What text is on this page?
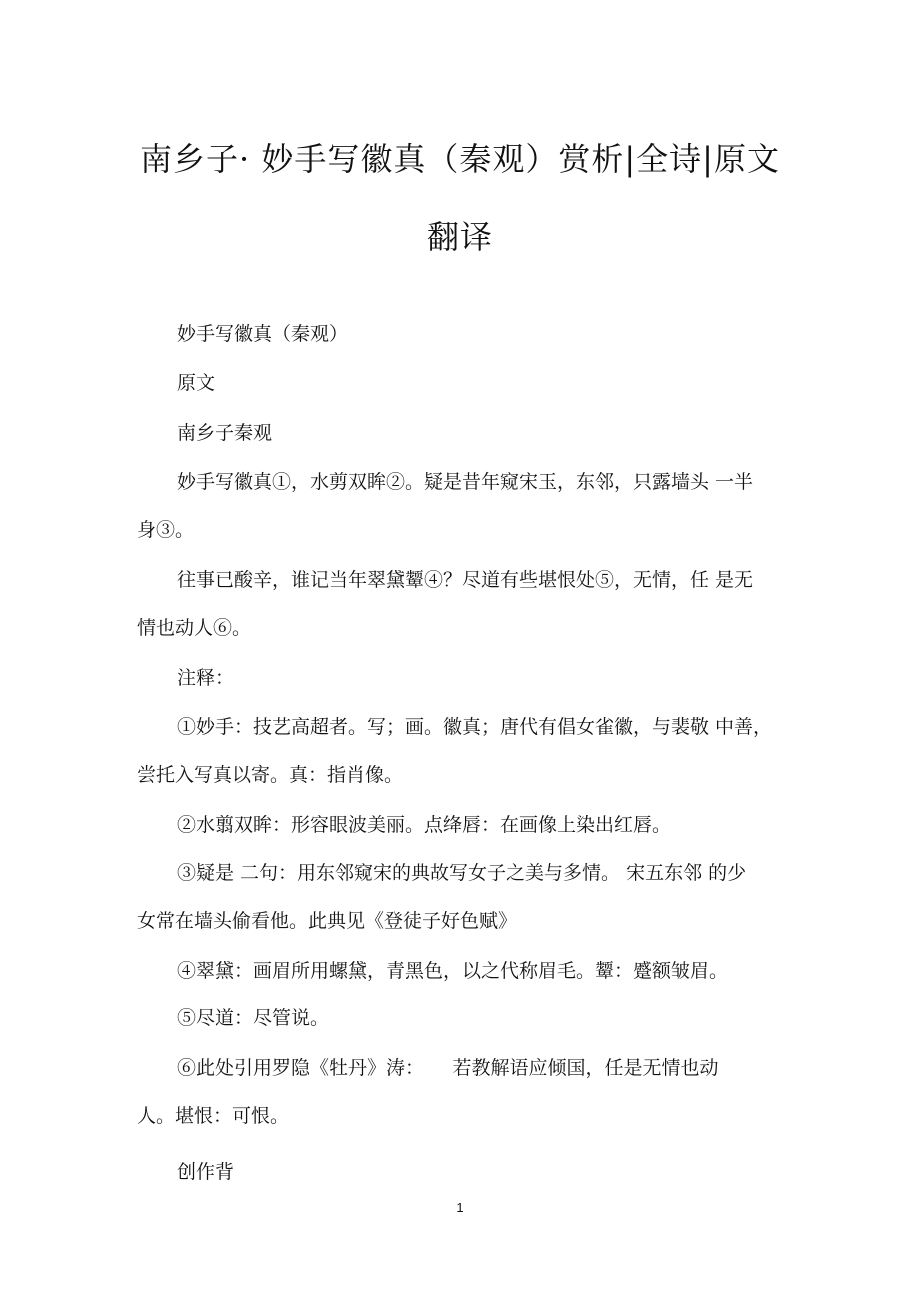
南乡子· 妙手写徽真（秦观）赏析|全诗|原文
翻译
妙手写徽真（秦观）
原文
南乡子秦观
妙手写徽真①，水剪双眸②。疑是昔年窥宋玉，东邻，只露墙头 一半
身③。
往事已酸辛，谁记当年翠黛颦④？尽道有些堪恨处⑤，无情，任 是无
情也动人⑥。
注释：
①妙手：技艺高超者。写；画。徽真；唐代有倡女雀徽，与裴敬 中善，
尝托入写真以寄。真：指肖像。
②水翦双眸：形容眼波美丽。点绛唇：在画像上染出红唇。
③疑是 二句：用东邻窥宋的典故写女子之美与多情。 宋五东邻 的少
女常在墙头偷看他。此典见《登徒子好色赋》
④翠黛：画眉所用螺黛，青黑色，以之代称眉毛。颦：蹙额皱眉。
⑤尽道：尽管说。
⑥此处引用罗隐《牡丹》涛：　　若教解语应倾国，任是无情也动
人。堪恨：可恨。
创作背
1
